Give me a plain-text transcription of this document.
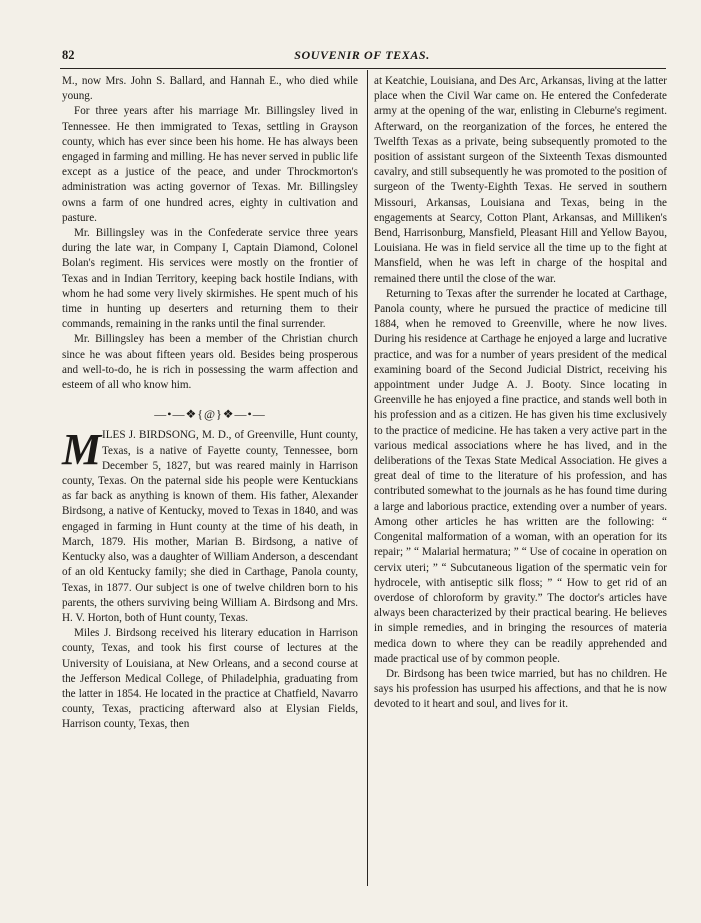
82	SOUVENIR OF TEXAS.

M., now Mrs. John S. Ballard, and Hannah E., who died while young.

For three years after his marriage Mr. Billingsley lived in Tennessee. He then immigrated to Texas, settling in Grayson county, which has ever since been his home. He has always been engaged in farming and milling. He has never served in public life except as a justice of the peace, and under Throckmorton's administration was acting governor of Texas. Mr. Billingsley owns a farm of one hundred acres, eighty in cultivation and pasture.

Mr. Billingsley was in the Confederate service three years during the late war, in Company I, Captain Diamond, Colonel Bolan's regiment. His services were mostly on the frontier of Texas and in Indian Territory, keeping back hostile Indians, with whom he had some very lively skirmishes. He spent much of his time in hunting up deserters and returning them to their commands, remaining in the ranks until the final surrender.

Mr. Billingsley has been a member of the Christian church since he was about fifteen years old. Besides being prosperous and well-to-do, he is rich in possessing the warm affection and esteem of all who know him.

—•—❖{@}❖—•—

MILES J. BIRDSONG, M. D., of Greenville, Hunt county, Texas, is a native of Fayette county, Tennessee, born December 5, 1827, but was reared mainly in Harrison county, Texas. On the paternal side his people were Kentuckians as far back as anything is known of them. His father, Alexander Birdsong, a native of Kentucky, moved to Texas in 1840, and was engaged in farming in Hunt county at the time of his death, in March, 1879. His mother, Marian B. Birdsong, a native of Kentucky also, was a daughter of William Anderson, a descendant of an old Kentucky family; she died in Carthage, Panola county, Texas, in 1877. Our subject is one of twelve children born to his parents, the others surviving being William A. Birdsong and Mrs. H. V. Horton, both of Hunt county, Texas.

Miles J. Birdsong received his literary education in Harrison county, Texas, and took his first course of lectures at the University of Louisiana, at New Orleans, and a second course at the Jefferson Medical College, of Philadelphia, graduating from the latter in 1854. He located in the practice at Chatfield, Navarro county, Texas, practicing afterward also at Elysian Fields, Harrison county, Texas, then

at Keatchie, Louisiana, and Des Arc, Arkansas, living at the latter place when the Civil War came on. He entered the Confederate army at the opening of the war, enlisting in Cleburne's regiment. Afterward, on the reorganization of the forces, he entered the Twelfth Texas as a private, being subsequently promoted to the position of assistant surgeon of the Sixteenth Texas dismounted cavalry, and still subsequently he was promoted to the position of surgeon of the Twenty-Eighth Texas. He served in southern Missouri, Arkansas, Louisiana and Texas, being in the engagements at Searcy, Cotton Plant, Arkansas, and Milliken's Bend, Harrisonburg, Mansfield, Pleasant Hill and Yellow Bayou, Louisiana. He was in field service all the time up to the fight at Mansfield, when he was left in charge of the hospital and remained there until the close of the war.

Returning to Texas after the surrender he located at Carthage, Panola county, where he pursued the practice of medicine till 1884, when he removed to Greenville, where he now lives. During his residence at Carthage he enjoyed a large and lucrative practice, and was for a number of years president of the medical examining board of the Second Judicial District, receiving his appointment under Judge A. J. Booty. Since locating in Greenville he has enjoyed a fine practice, and stands well both in his profession and as a citizen. He has given his time exclusively to the practice of medicine. He has taken a very active part in the various medical associations where he has lived, and in the deliberations of the Texas State Medical Association. He gives a great deal of time to the literature of his profession, and has contributed somewhat to the journals as he has found time during a large and laborious practice, extending over a number of years. Among other articles he has written are the following: “ Congenital malformation of a woman, with an operation for its repair; ” “ Malarial hermatura; ” “ Use of cocaine in operation on cervix uteri; ” “ Subcutaneous ligation of the spermatic vein for hydrocele, with antiseptic silk floss; ” “ How to get rid of an overdose of chloroform by gravity.” The doctor's articles have always been characterized by their practical bearing. He believes in simple remedies, and in bringing the resources of materia medica down to where they can be readily apprehended and made practical use of by common people.

Dr. Birdsong has been twice married, but has no children. He says his profession has usurped his affections, and that he is now devoted to it heart and soul, and lives for it.
